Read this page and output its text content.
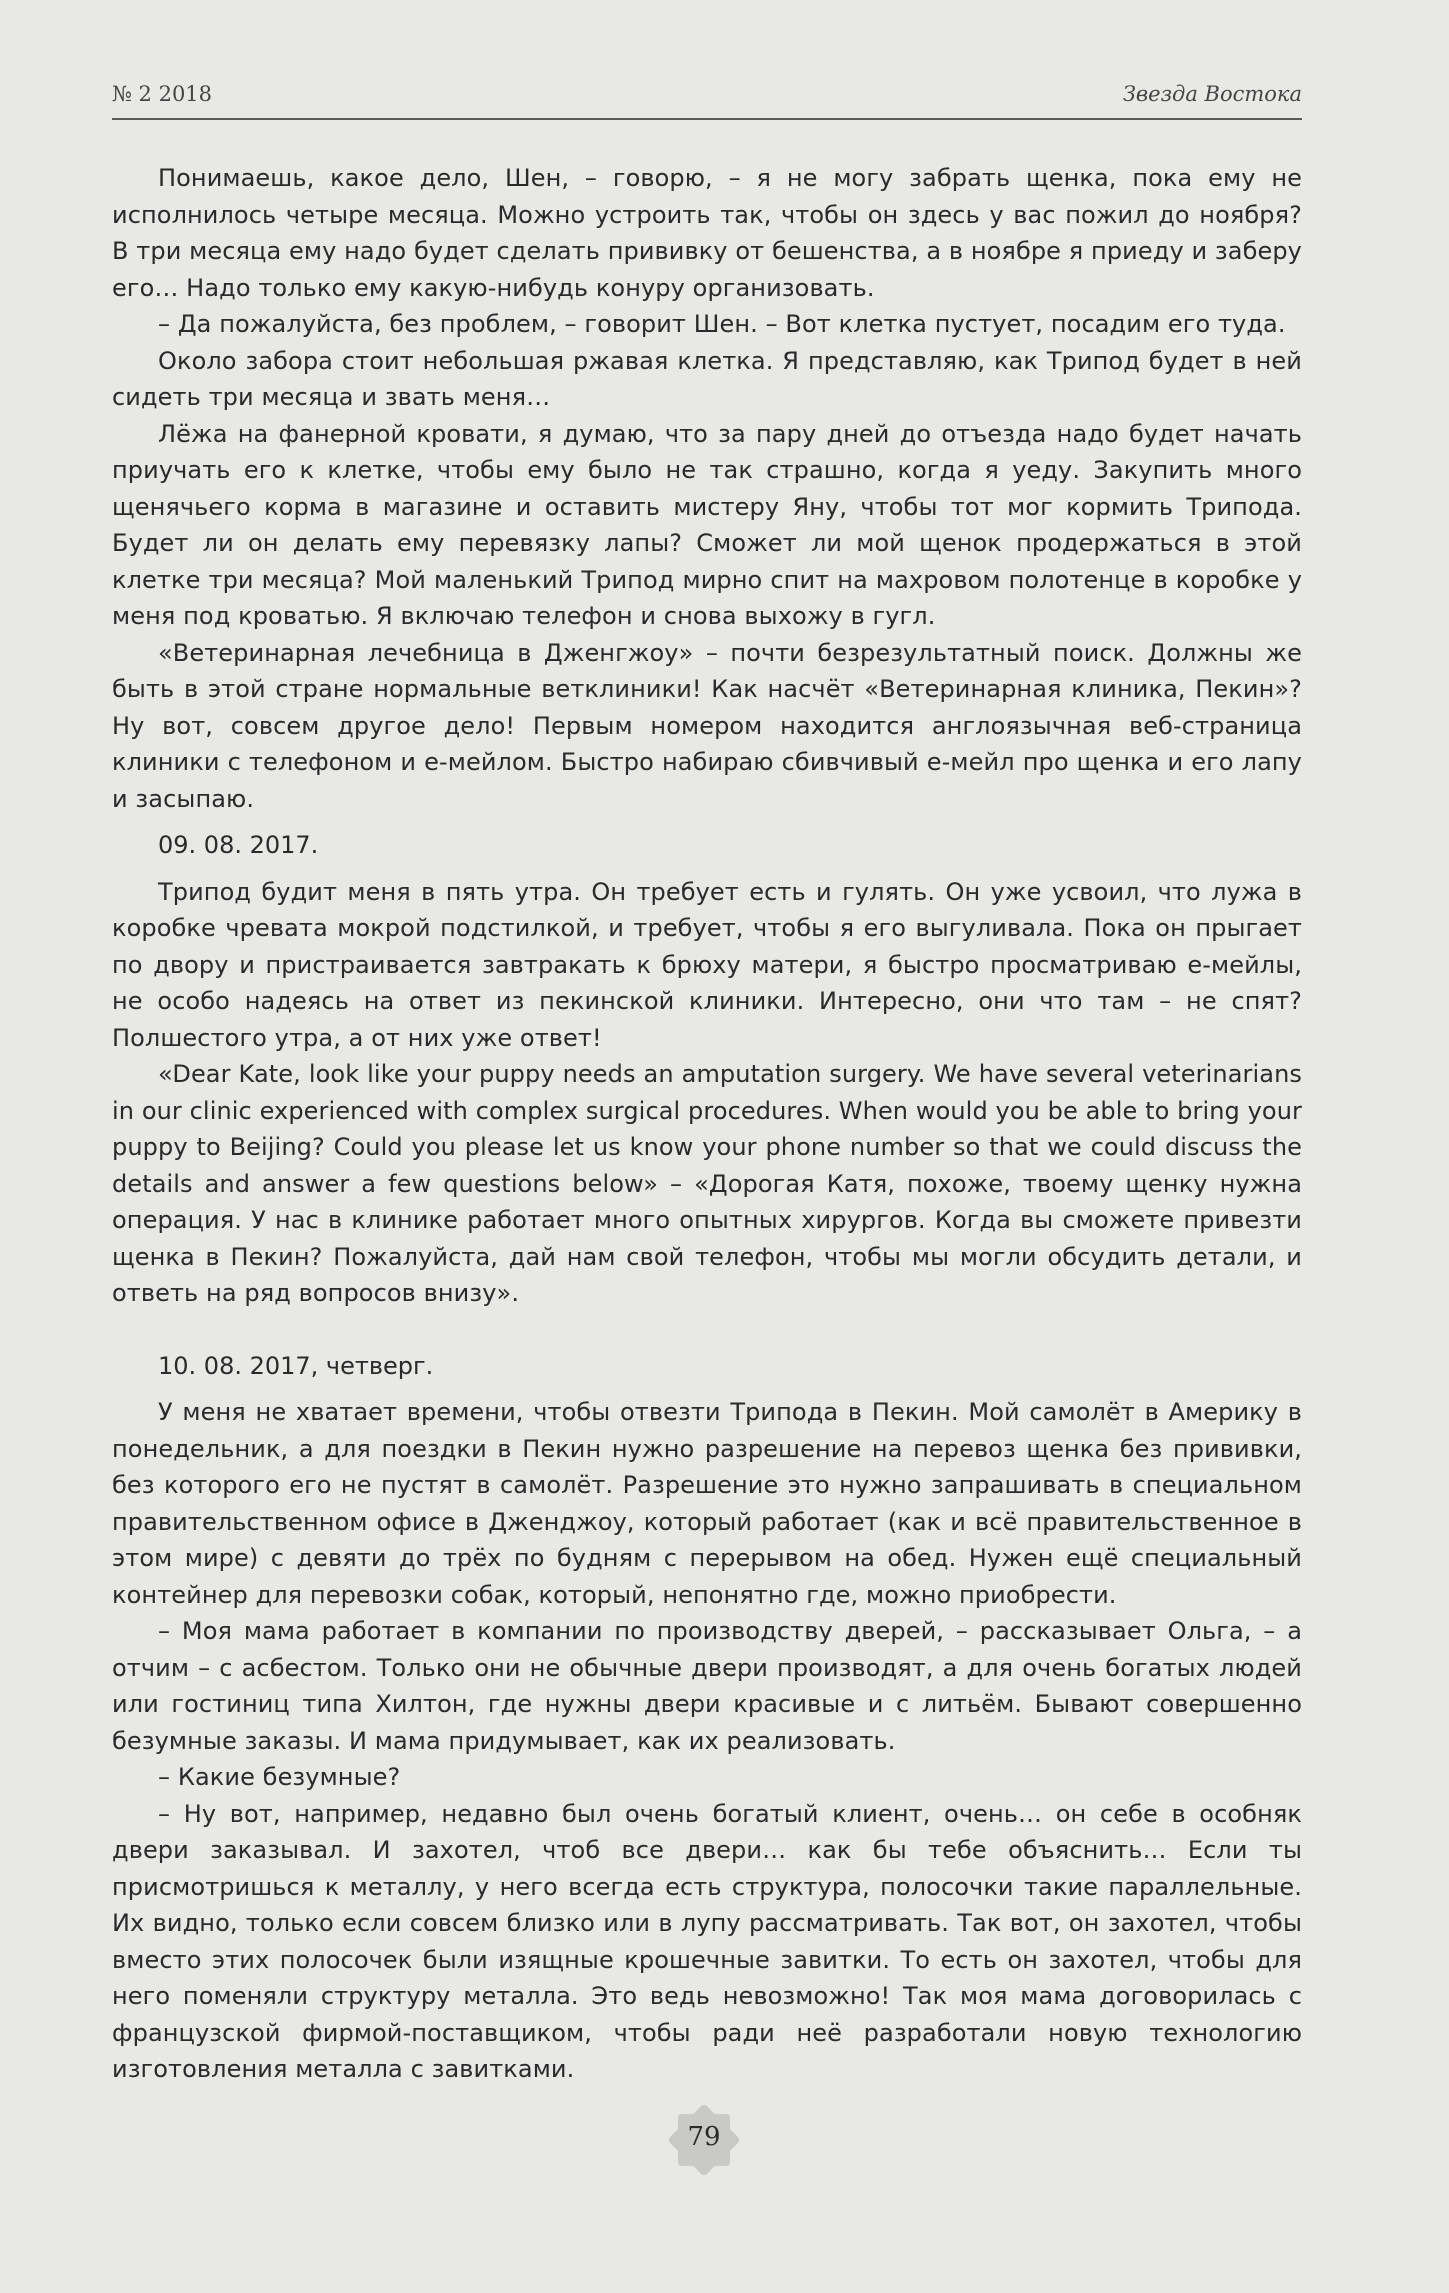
№ 2 2018	Звезда Востока

Понимаешь, какое дело, Шен, – говорю, – я не могу забрать щенка, пока ему не исполнилось четыре месяца. Можно устроить так, чтобы он здесь у вас пожил до ноября? В три месяца ему надо будет сделать прививку от бешенства, а в ноябре я приеду и заберу его… Надо только ему какую-нибудь конуру организовать.

– Да пожалуйста, без проблем, – говорит Шен. – Вот клетка пустует, посадим его туда.

Около забора стоит небольшая ржавая клетка. Я представляю, как Трипод будет в ней сидеть три месяца и звать меня…

Лёжа на фанерной кровати, я думаю, что за пару дней до отъезда надо будет начать приучать его к клетке, чтобы ему было не так страшно, когда я уеду. Закупить много щенячьего корма в магазине и оставить мистеру Яну, чтобы тот мог кормить Трипода. Будет ли он делать ему перевязку лапы? Сможет ли мой щенок продержаться в этой клетке три месяца? Мой маленький Трипод мирно спит на махровом полотенце в коробке у меня под кроватью. Я включаю телефон и снова выхожу в гугл.

«Ветеринарная лечебница в Дженгжоу» – почти безрезультатный поиск. Должны же быть в этой стране нормальные ветклиники! Как насчёт «Ветеринарная клиника, Пекин»? Ну вот, совсем другое дело! Первым номером находится англоязычная веб-страница клиники с телефоном и е-мейлом. Быстро набираю сбивчивый е-мейл про щенка и его лапу и засыпаю.

09. 08. 2017.

Трипод будит меня в пять утра. Он требует есть и гулять. Он уже усвоил, что лужа в коробке чревата мокрой подстилкой, и требует, чтобы я его выгуливала. Пока он прыгает по двору и пристраивается завтракать к брюху матери, я быстро просматриваю е-мейлы, не особо надеясь на ответ из пекинской клиники. Интересно, они что там – не спят? Полшестого утра, а от них уже ответ!

«Dear Kate, look like your puppy needs an amputation surgery. We have several veterinarians in our clinic experienced with complex surgical procedures. When would you be able to bring your puppy to Beijing? Could you please let us know your phone number so that we could discuss the details and answer a few questions below» – «Дорогая Катя, похоже, твоему щенку нужна операция. У нас в клинике работает много опытных хирургов. Когда вы сможете привезти щенка в Пекин? Пожалуйста, дай нам свой телефон, чтобы мы могли обсудить детали, и ответь на ряд вопросов внизу».

10. 08. 2017, четверг.

У меня не хватает времени, чтобы отвезти Трипода в Пекин. Мой самолёт в Америку в понедельник, а для поездки в Пекин нужно разрешение на перевоз щенка без прививки, без которого его не пустят в самолёт. Разрешение это нужно запрашивать в специальном правительственном офисе в Дженджоу, который работает (как и всё правительственное в этом мире) с девяти до трёх по будням с перерывом на обед. Нужен ещё специальный контейнер для перевозки собак, который, непонятно где, можно приобрести.

– Моя мама работает в компании по производству дверей, – рассказывает Ольга, – а отчим – с асбестом. Только они не обычные двери производят, а для очень богатых людей или гостиниц типа Хилтон, где нужны двери красивые и с литьём. Бывают совершенно безумные заказы. И мама придумывает, как их реализовать.

– Какие безумные?

– Ну вот, например, недавно был очень богатый клиент, очень… он себе в особняк двери заказывал. И захотел, чтоб все двери… как бы тебе объяснить… Если ты присмотришься к металлу, у него всегда есть структура, полосочки такие параллельные. Их видно, только если совсем близко или в лупу рассматривать. Так вот, он захотел, чтобы вместо этих полосочек были изящные крошечные завитки. То есть он захотел, чтобы для него поменяли структуру металла. Это ведь невозможно! Так моя мама договорилась с французской фирмой-поставщиком, чтобы ради неё разработали новую технологию изготовления металла с завитками.

79
